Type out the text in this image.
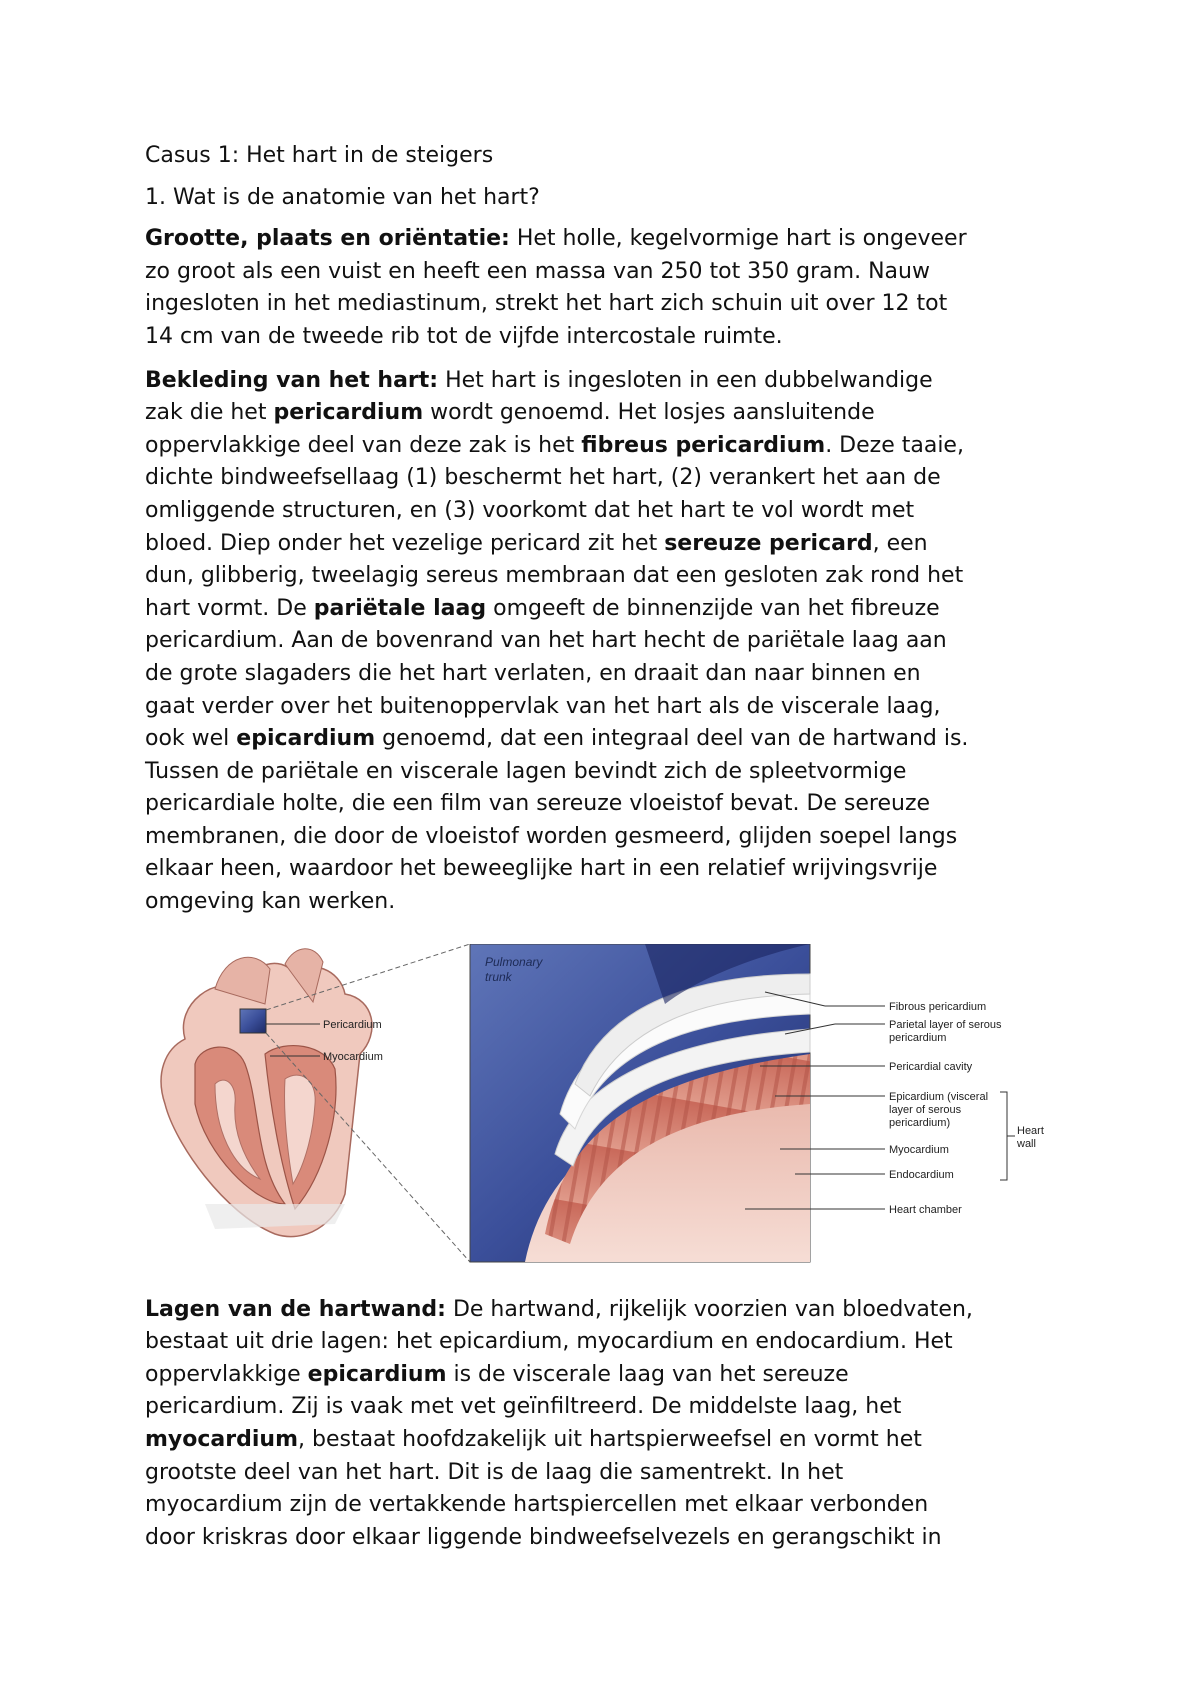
Casus 1: Het hart in de steigers

1. Wat is de anatomie van het hart?

Grootte, plaats en oriëntatie: Het holle, kegelvormige hart is ongeveer
zo groot als een vuist en heeft een massa van 250 tot 350 gram. Nauw
ingesloten in het mediastinum, strekt het hart zich schuin uit over 12 tot
14 cm van de tweede rib tot de vijfde intercostale ruimte.

Bekleding van het hart: Het hart is ingesloten in een dubbelwandige
zak die het pericardium wordt genoemd. Het losjes aansluitende
oppervlakkige deel van deze zak is het fibreus pericardium. Deze taaie,
dichte bindweefsellaag (1) beschermt het hart, (2) verankert het aan de
omliggende structuren, en (3) voorkomt dat het hart te vol wordt met
bloed. Diep onder het vezelige pericard zit het sereuze pericard, een
dun, glibberig, tweelagig sereus membraan dat een gesloten zak rond het
hart vormt. De pariëtale laag omgeeft de binnenzijde van het fibreuze
pericardium. Aan de bovenrand van het hart hecht de pariëtale laag aan
de grote slagaders die het hart verlaten, en draait dan naar binnen en
gaat verder over het buitenoppervlak van het hart als de viscerale laag,
ook wel epicardium genoemd, dat een integraal deel van de hartwand is.
Tussen de pariëtale en viscerale lagen bevindt zich de spleetvormige
pericardiale holte, die een film van sereuze vloeistof bevat. De sereuze
membranen, die door de vloeistof worden gesmeerd, glijden soepel langs
elkaar heen, waardoor het beweeglijke hart in een relatief wrijvingsvrije
omgeving kan werken.

Pericardium
Myocardium
Pulmonary
trunk
Fibrous pericardium
Parietal layer of serous
pericardium
Pericardial cavity
Epicardium (visceral
layer of serous
pericardium)
Myocardium
Endocardium
Heart chamber
Heart
wall

Lagen van de hartwand: De hartwand, rijkelijk voorzien van bloedvaten,
bestaat uit drie lagen: het epicardium, myocardium en endocardium. Het
oppervlakkige epicardium is de viscerale laag van het sereuze
pericardium. Zij is vaak met vet geïnfiltreerd. De middelste laag, het
myocardium, bestaat hoofdzakelijk uit hartspierweefsel en vormt het
grootste deel van het hart. Dit is de laag die samentrekt. In het
myocardium zijn de vertakkende hartspiercellen met elkaar verbonden
door kriskras door elkaar liggende bindweefselvezels en gerangschikt in
